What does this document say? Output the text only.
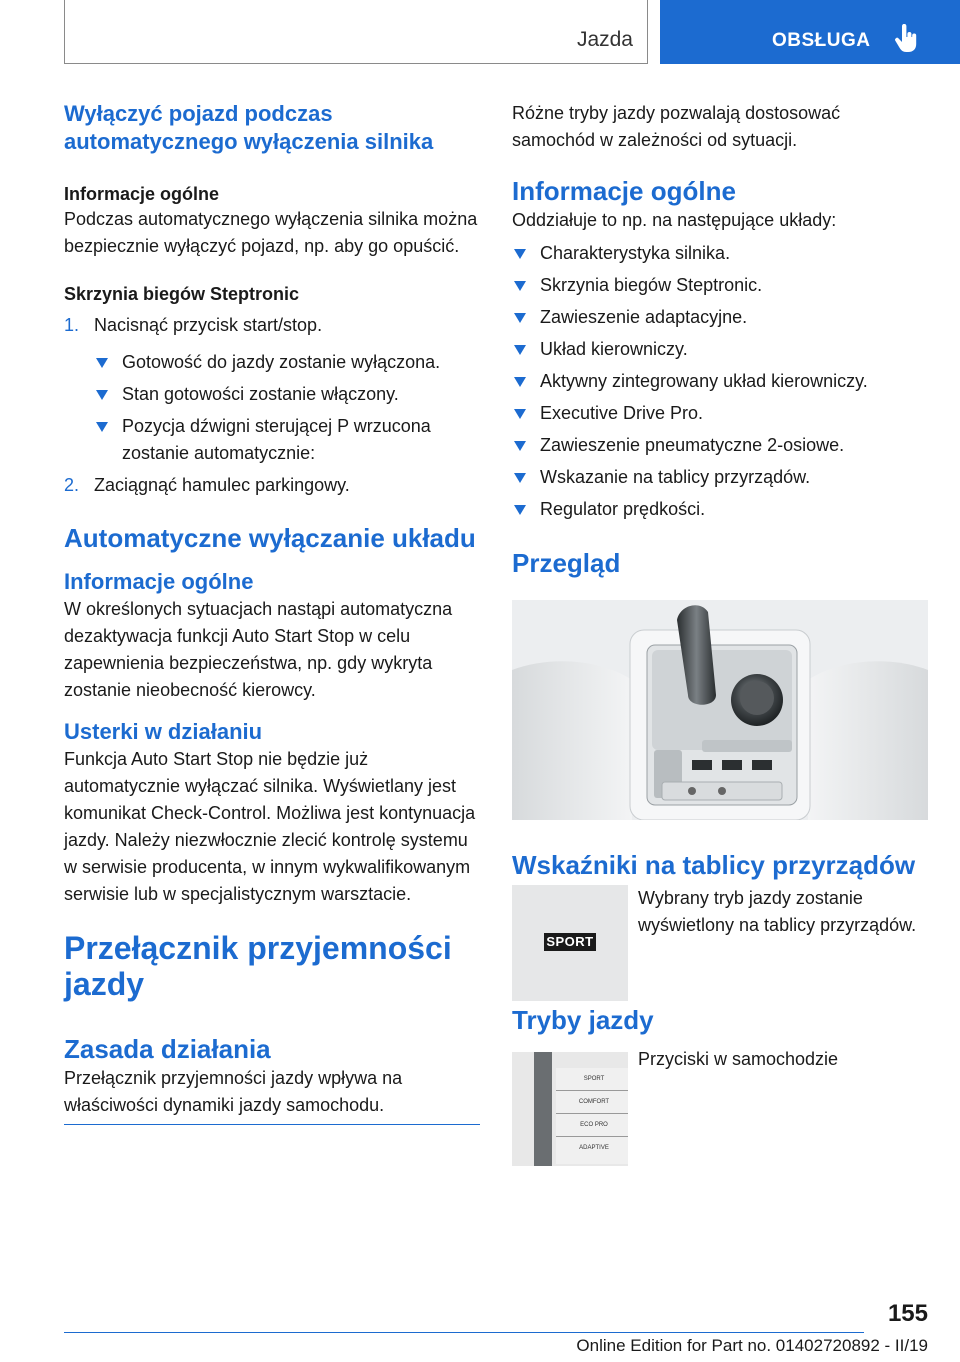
Jazda	OBSŁUGA
Wyłączyć pojazd podczas automatycznego wyłączenia silnika
Informacje ogólne

Podczas automatycznego wyłączenia silnika można bezpiecznie wyłączyć pojazd, np. aby go opuścić.

Skrzynia biegów Steptronic
1. Nacisnąć przycisk start/stop.
Gotowość do jazdy zostanie wyłączona.
Stan gotowości zostanie włączony.
Pozycja dźwigni sterującej P wrzucona zostanie automatycznie:
2. Zaciągnąć hamulec parkingowy.
Automatyczne wyłączanie układu
Informacje ogólne

W określonych sytuacjach nastąpi automatyczna dezaktywacja funkcji Auto Start Stop w celu zapewnienia bezpieczeństwa, np. gdy wykryta zostanie nieobecność kierowcy.

Usterki w działaniu

Funkcja Auto Start Stop nie będzie już automatycznie wyłączać silnika. Wyświetlany jest komunikat Check-Control. Możliwa jest kontynuacja jazdy. Należy niezwłocznie zlecić kontrolę systemu w serwisie producenta, w innym wykwalifikowanym serwisie lub w specjalistycznym warsztacie.

Przełącznik przyjemności jazdy
Zasada działania

Przełącznik przyjemności jazdy wpływa na właściwości dynamiki jazdy samochodu.

Różne tryby jazdy pozwalają dostosować samochód w zależności od sytuacji.

Informacje ogólne

Oddziałuje to np. na następujące układy:

Charakterystyka silnika.
Skrzynia biegów Steptronic.
Zawieszenie adaptacyjne.
Układ kierowniczy.
Aktywny zintegrowany układ kierowniczy.
Executive Drive Pro.
Zawieszenie pneumatyczne 2-osiowe.
Wskazanie na tablicy przyrządów.
Regulator prędkości.
Przegląd
Wskaźniki na tablicy przyrządów
SPORT

Wybrany tryb jazdy zostanie wyświetlony na tablicy przyrządów.

Tryby jazdy
SPORT
COMFORT
ECO PRO
ADAPTIVE

Przyciski w samochodzie

155
Online Edition for Part no. 01402720892 - II/19
